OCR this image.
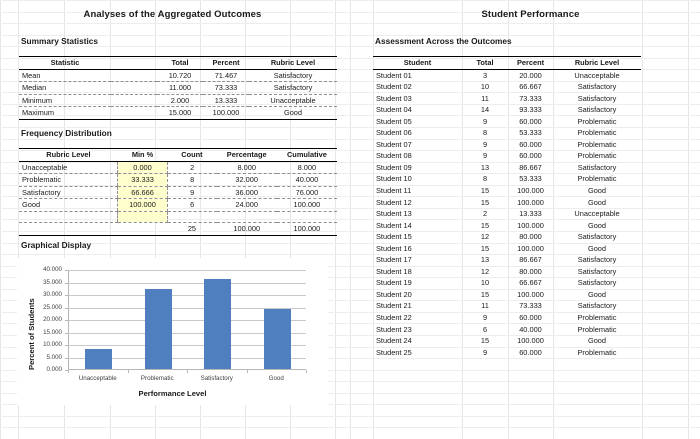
Analyses of the Aggregated Outcomes
Summary Statistics
Statistic		Total	Percent	Rubric Level
Mean		10.720	71.467	Satisfactory
Median		11.000	73.333	Satisfactory
Minimum		2.000	13.333	Unacceptable
Maximum		15.000	100.000	Good
Frequency Distribution
Rubric Level	Min %	Count	Percentage	Cumulative
Unacceptable	0.000	2	8.000	8.000
Problematic	33.333	8	32.000	40.000
Satisfactory	66.666	9	36.000	76.000
Good	100.000	6	24.000	100.000

		25	100.000	100.000
Graphical Display
Percent of Students
Performance Level
0.000
5.000
10.000
15.000
20.000
25.000
30.000
35.000
40.000
Unacceptable	Problematic	Satisfactory	Good
Student Performance
Assessment Across the Outcomes
Student	Total	Percent	Rubric Level
Student 01	3	20.000	Unacceptable
Student 02	10	66.667	Satisfactory
Student 03	11	73.333	Satisfactory
Student 04	14	93.333	Satisfactory
Student 05	9	60.000	Problematic
Student 06	8	53.333	Problematic
Student 07	9	60.000	Problematic
Student 08	9	60.000	Problematic
Student 09	13	86.667	Satisfactory
Student 10	8	53.333	Problematic
Student 11	15	100.000	Good
Student 12	15	100.000	Good
Student 13	2	13.333	Unacceptable
Student 14	15	100.000	Good
Student 15	12	80.000	Satisfactory
Student 16	15	100.000	Good
Student 17	13	86.667	Satisfactory
Student 18	12	80.000	Satisfactory
Student 19	10	66.667	Satisfactory
Student 20	15	100.000	Good
Student 21	11	73.333	Satisfactory
Student 22	9	60.000	Problematic
Student 23	6	40.000	Problematic
Student 24	15	100.000	Good
Student 25	9	60.000	Problematic
